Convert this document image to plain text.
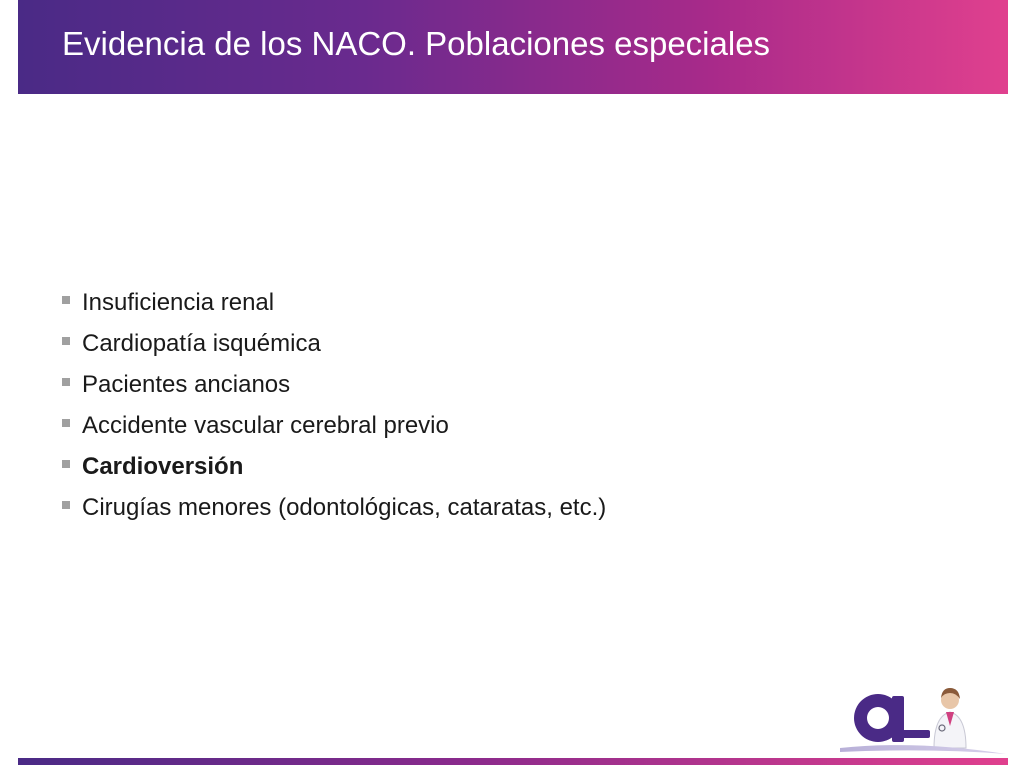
Evidencia de los NACO. Poblaciones especiales
Insuficiencia renal
Cardiopatía isquémica
Pacientes ancianos
Accidente vascular cerebral previo
Cardioversión
Cirugías menores (odontológicas, cataratas, etc.)
